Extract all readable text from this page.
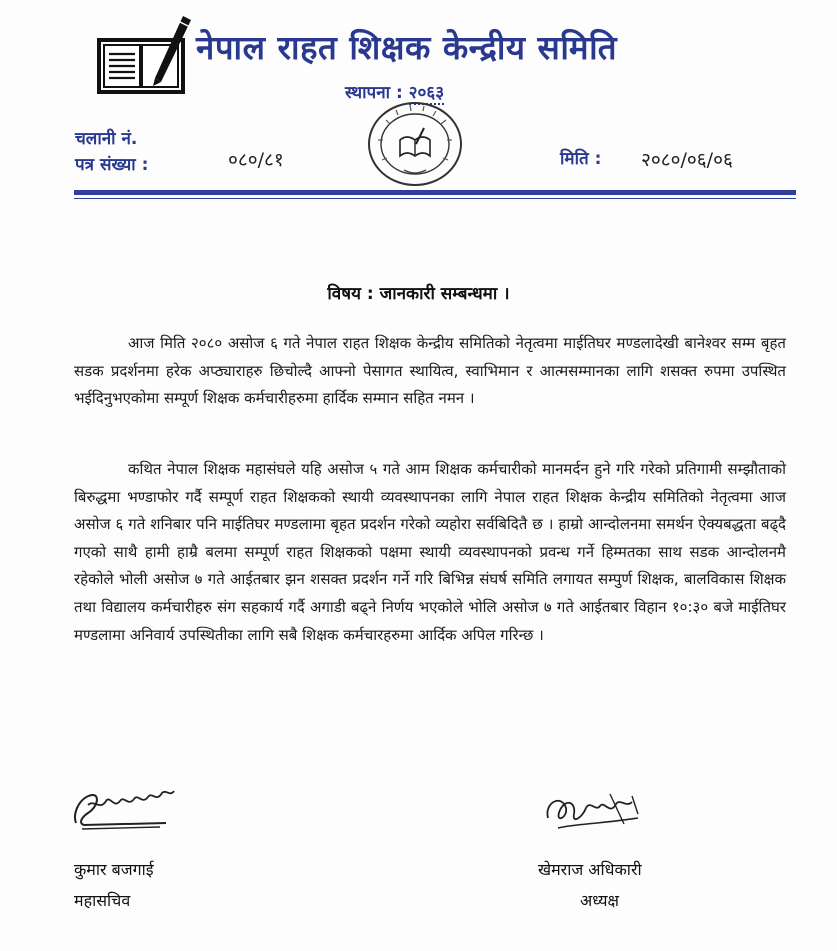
नेपाल राहत शिक्षक केन्द्रीय समिति
स्थापना : २०६३
चलानी नं.
पत्र संख्या :	०८०/८१	मिति : २०८०/०६/०६
विषय : जानकारी सम्बन्धमा ।

आज मिति २०८० असोज ६ गते नेपाल राहत शिक्षक केन्द्रीय समितिको नेतृत्वमा माईतिघर मण्डलादेखी बानेश्वर सम्म बृहत सडक प्रदर्शनमा हरेक अप्ठ्याराहरु छिचोल्दै आफ्नो पेसागत स्थायित्व, स्वाभिमान र आत्मसम्मानका लागि शसक्त रुपमा उपस्थित भईदिनुभएकोमा सम्पूर्ण शिक्षक कर्मचारीहरुमा हार्दिक सम्मान सहित नमन ।

कथित नेपाल शिक्षक महासंघले यहि असोज ५ गते आम शिक्षक कर्मचारीको मानमर्दन हुने गरि गरेको प्रतिगामी सम्झौताको बिरुद्धमा भण्डाफोर गर्दै सम्पूर्ण राहत शिक्षकको स्थायी व्यवस्थापनका लागि नेपाल राहत शिक्षक केन्द्रीय समितिको नेतृत्वमा आज असोज ६ गते शनिबार पनि माईतिघर मण्डलामा बृहत प्रदर्शन गरेको व्यहोरा सर्वबिदितै छ । हाम्रो आन्दोलनमा समर्थन ऐक्यबद्धता बढ्दै गएको साथै हामी हाम्रै बलमा सम्पूर्ण राहत शिक्षकको पक्षमा स्थायी व्यवस्थापनको प्रवन्ध गर्ने हिम्मतका साथ सडक आन्दोलनमै रहेकोले भोली असोज ७ गते आईतबार झन शसक्त प्रदर्शन गर्ने गरि बिभिन्न संघर्ष समिति लगायत सम्पुर्ण शिक्षक, बालविकास शिक्षक तथा विद्यालय कर्मचारीहरु संग सहकार्य गर्दै अगाडी बढ्ने निर्णय भएकोले भोलि असोज ७ गते आईतबार विहान १०:३० बजे माईतिघर मण्डलामा अनिवार्य उपस्थितीका लागि सबै शिक्षक कर्मचारहरुमा आर्दिक अपिल गरिन्छ ।

कुमार बजगाई
महासचिव
खेमराज अधिकारी
अध्यक्ष
